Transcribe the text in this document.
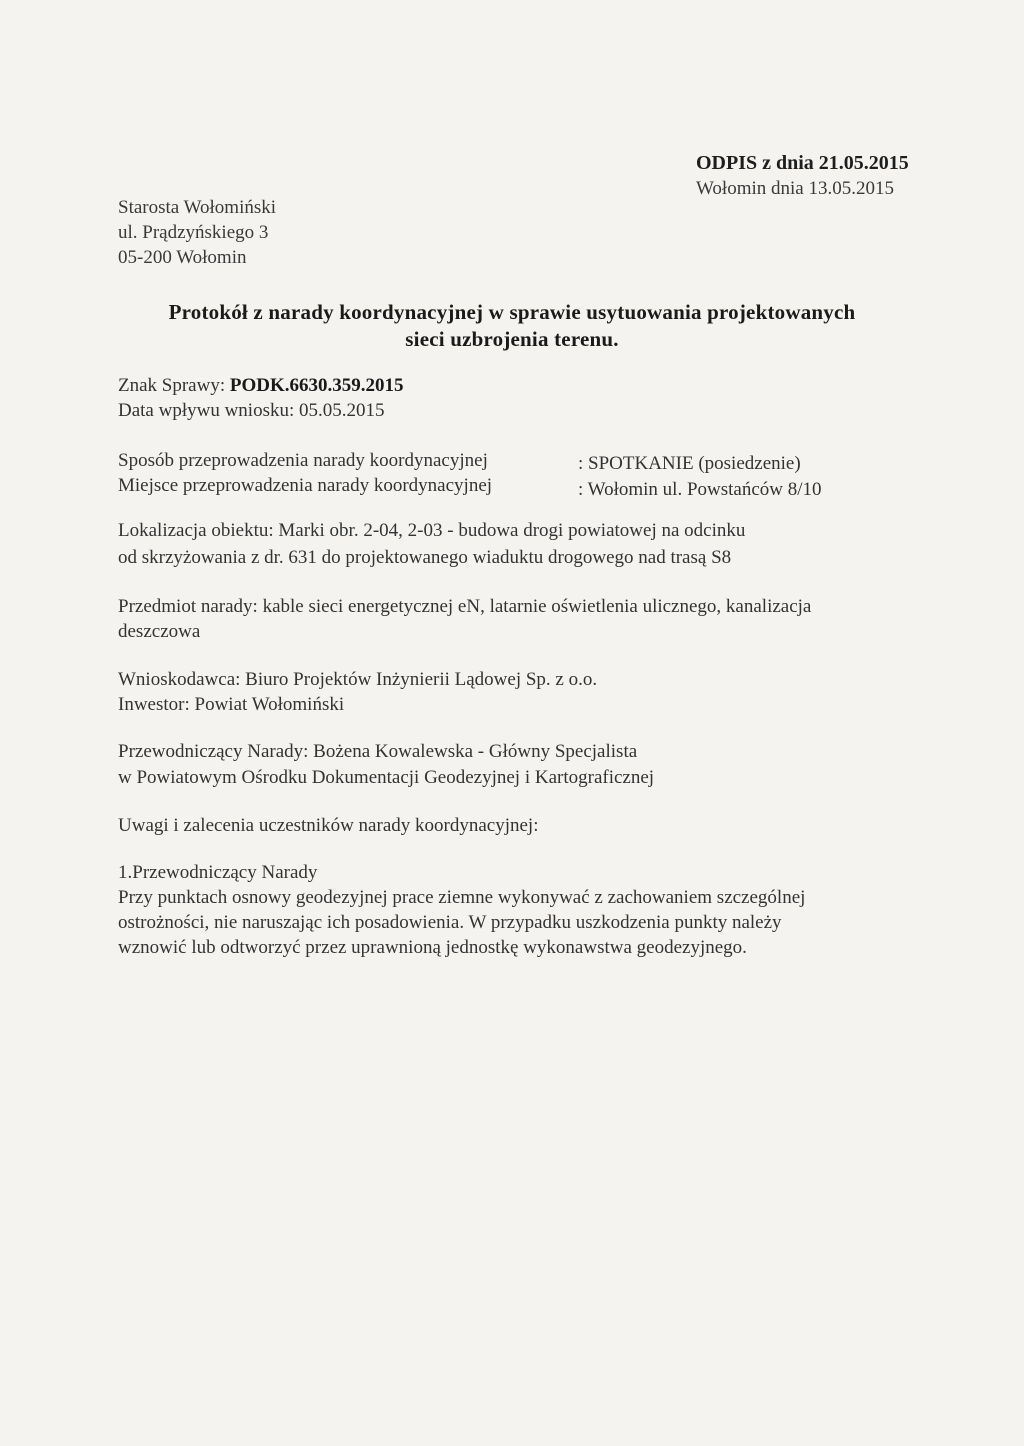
ODPIS z dnia 21.05.2015
Wołomin dnia 13.05.2015
Starosta Wołomiński
ul. Prądzyńskiego 3
05-200 Wołomin
Protokół z narady koordynacyjnej w sprawie usytuowania projektowanych
sieci uzbrojenia terenu.
Znak Sprawy: PODK.6630.359.2015
Data wpływu wniosku: 05.05.2015
Sposób przeprowadzenia narady koordynacyjnej	: SPOTKANIE (posiedzenie)
Miejsce przeprowadzenia narady koordynacyjnej	: Wołomin ul. Powstańców 8/10
Lokalizacja obiektu: Marki obr. 2-04, 2-03 - budowa drogi powiatowej na odcinku
od skrzyżowania z dr. 631 do projektowanego wiaduktu drogowego nad trasą S8
Przedmiot narady: kable sieci energetycznej eN, latarnie oświetlenia ulicznego, kanalizacja
deszczowa
Wnioskodawca: Biuro Projektów Inżynierii Lądowej Sp. z o.o.
Inwestor: Powiat Wołomiński
Przewodniczący Narady: Bożena Kowalewska - Główny Specjalista
w Powiatowym Ośrodku Dokumentacji Geodezyjnej i Kartograficznej
Uwagi i zalecenia uczestników narady koordynacyjnej:
1.Przewodniczący Narady
Przy punktach osnowy geodezyjnej prace ziemne wykonywać z zachowaniem szczególnej
ostrożności, nie naruszając ich posadowienia. W przypadku uszkodzenia punkty należy
wznowić lub odtworzyć przez uprawnioną jednostkę wykonawstwa geodezyjnego.
